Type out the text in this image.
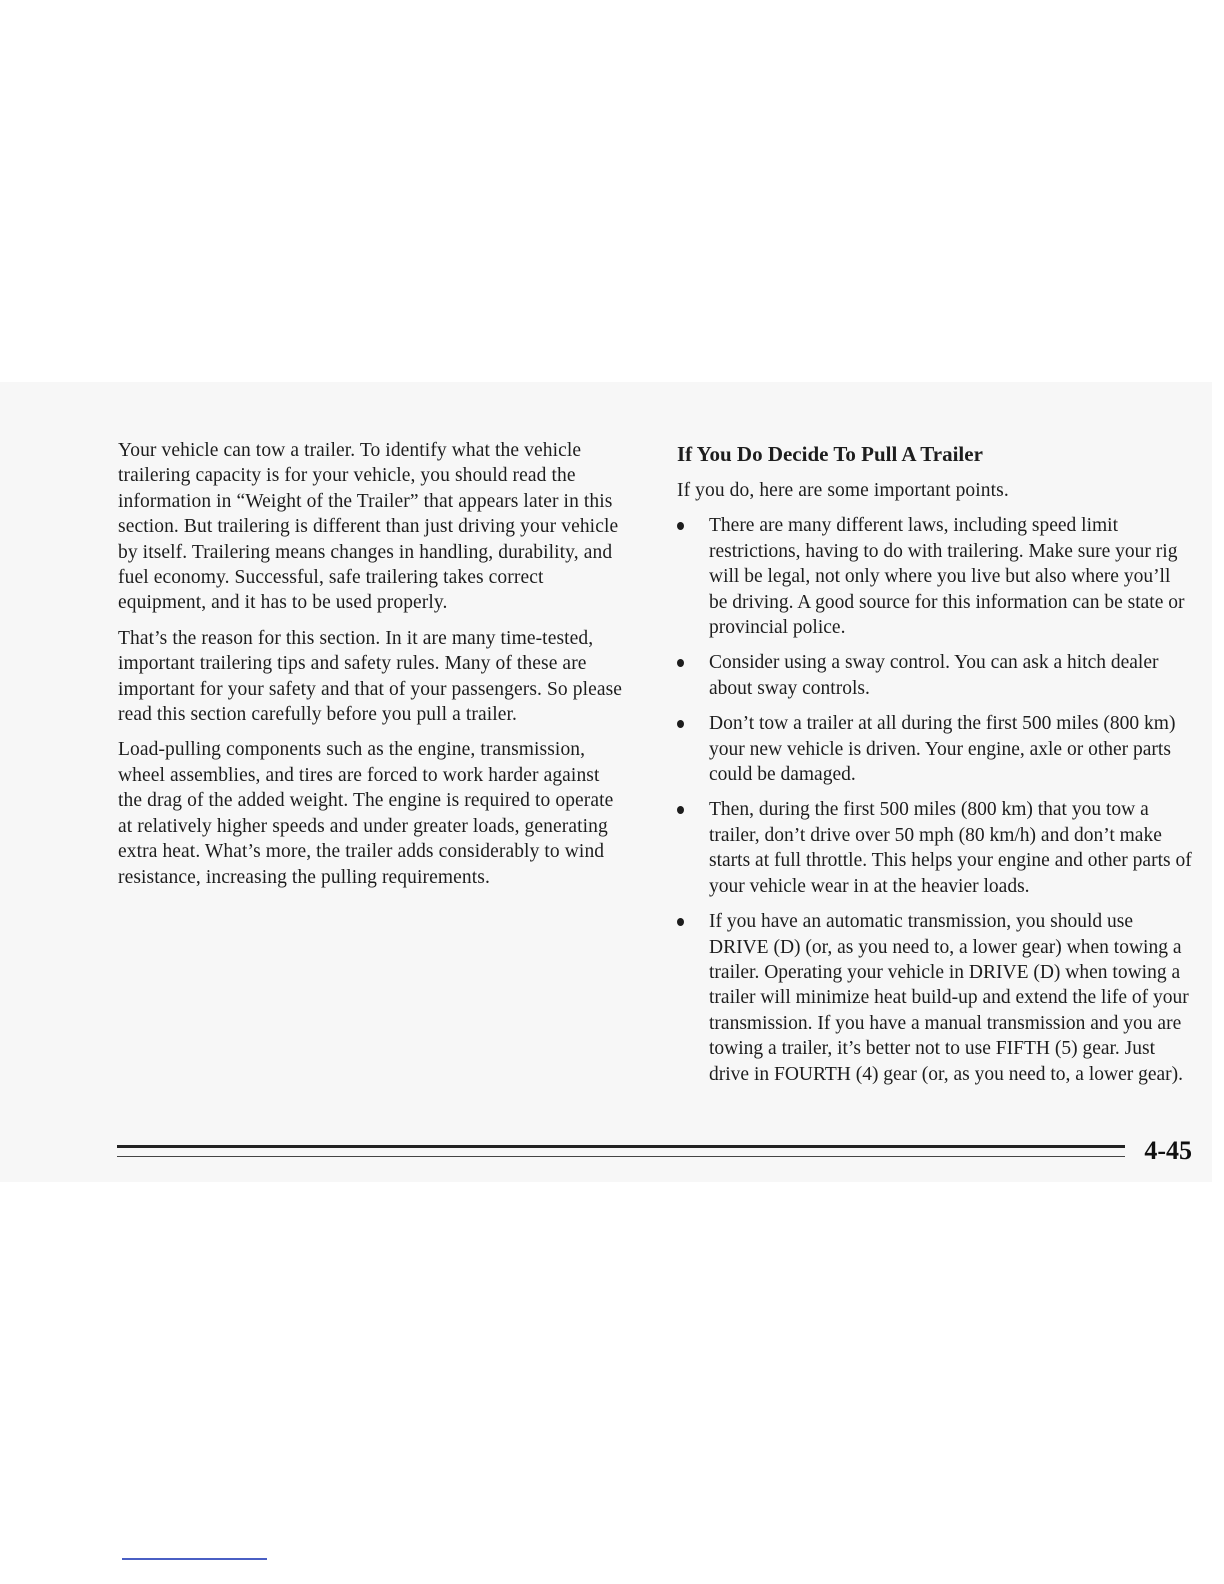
Your vehicle can tow a trailer. To identify what the vehicle trailering capacity is for your vehicle, you should read the information in “Weight of the Trailer” that appears later in this section. But trailering is different than just driving your vehicle by itself. Trailering means changes in handling, durability, and fuel economy. Successful, safe trailering takes correct equipment, and it has to be used properly.

That’s the reason for this section. In it are many time-tested, important trailering tips and safety rules. Many of these are important for your safety and that of your passengers. So please read this section carefully before you pull a trailer.

Load-pulling components such as the engine, transmission, wheel assemblies, and tires are forced to work harder against the drag of the added weight. The engine is required to operate at relatively higher speeds and under greater loads, generating extra heat. What’s more, the trailer adds considerably to wind resistance, increasing the pulling requirements.

If You Do Decide To Pull A Trailer

If you do, here are some important points.

There are many different laws, including speed limit restrictions, having to do with trailering. Make sure your rig will be legal, not only where you live but also where you’ll be driving. A good source for this information can be state or provincial police.
Consider using a sway control. You can ask a hitch dealer about sway controls.
Don’t tow a trailer at all during the first 500 miles (800 km) your new vehicle is driven. Your engine, axle or other parts could be damaged.
Then, during the first 500 miles (800 km) that you tow a trailer, don’t drive over 50 mph (80 km/h) and don’t make starts at full throttle. This helps your engine and other parts of your vehicle wear in at the heavier loads.
If you have an automatic transmission, you should use DRIVE (D) (or, as you need to, a lower gear) when towing a trailer. Operating your vehicle in DRIVE (D) when towing a trailer will minimize heat build-up and extend the life of your transmission. If you have a manual transmission and you are towing a trailer, it’s better not to use FIFTH (5) gear. Just drive in FOURTH (4) gear (or, as you need to, a lower gear).
4-45
